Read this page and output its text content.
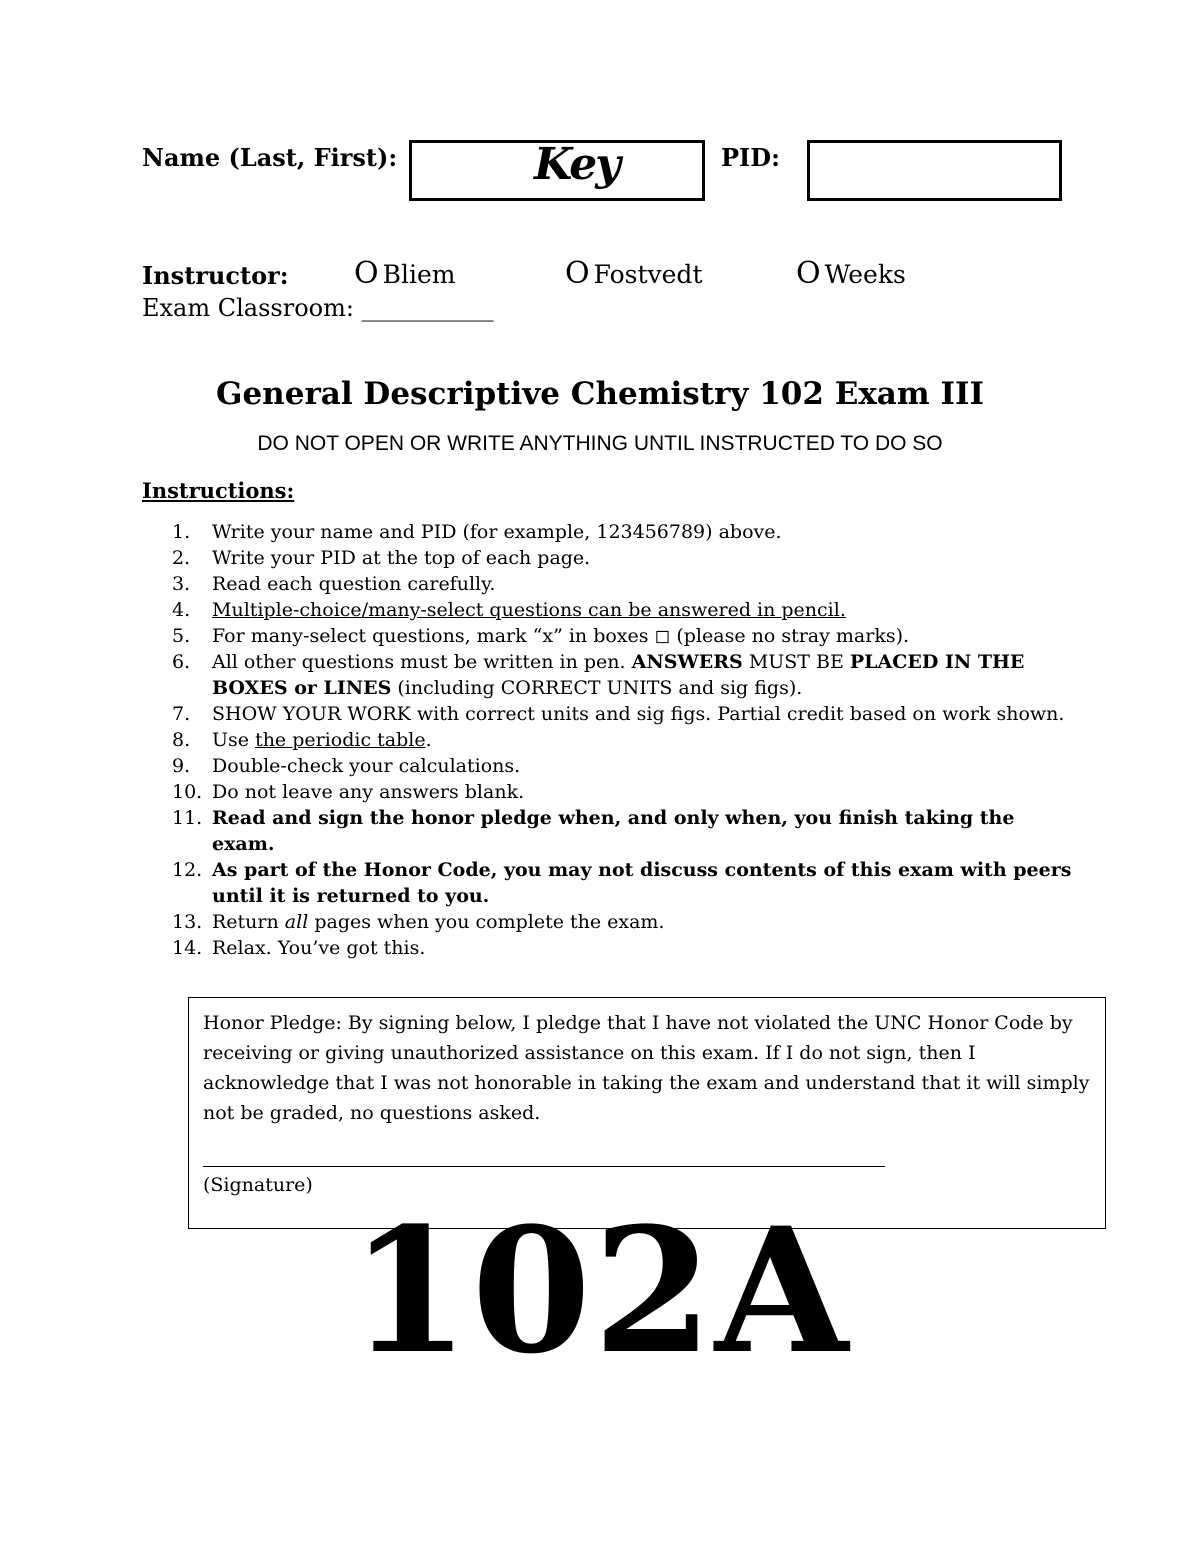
Name (Last, First):	Key	PID:
Instructor: O Bliem	O Fostvedt	O Weeks
Exam Classroom: ___________
General Descriptive Chemistry 102 Exam III
DO NOT OPEN OR WRITE ANYTHING UNTIL INSTRUCTED TO DO SO
Instructions:
1. Write your name and PID (for example, 123456789) above.
2. Write your PID at the top of each page.
3. Read each question carefully.
4. Multiple-choice/many-select questions can be answered in pencil.
5. For many-select questions, mark “x” in boxes ◻ (please no stray marks).
6. All other questions must be written in pen. ANSWERS MUST BE PLACED IN THE BOXES or LINES (including CORRECT UNITS and sig figs).
7. SHOW YOUR WORK with correct units and sig figs. Partial credit based on work shown.
8. Use the periodic table.
9. Double-check your calculations.
10. Do not leave any answers blank.
11. Read and sign the honor pledge when, and only when, you finish taking the exam.
12. As part of the Honor Code, you may not discuss contents of this exam with peers until it is returned to you.
13. Return all pages when you complete the exam.
14. Relax. You’ve got this.
Honor Pledge: By signing below, I pledge that I have not violated the UNC Honor Code by receiving or giving unauthorized assistance on this exam. If I do not sign, then I acknowledge that I was not honorable in taking the exam and understand that it will simply not be graded, no questions asked.
(Signature)
102A
